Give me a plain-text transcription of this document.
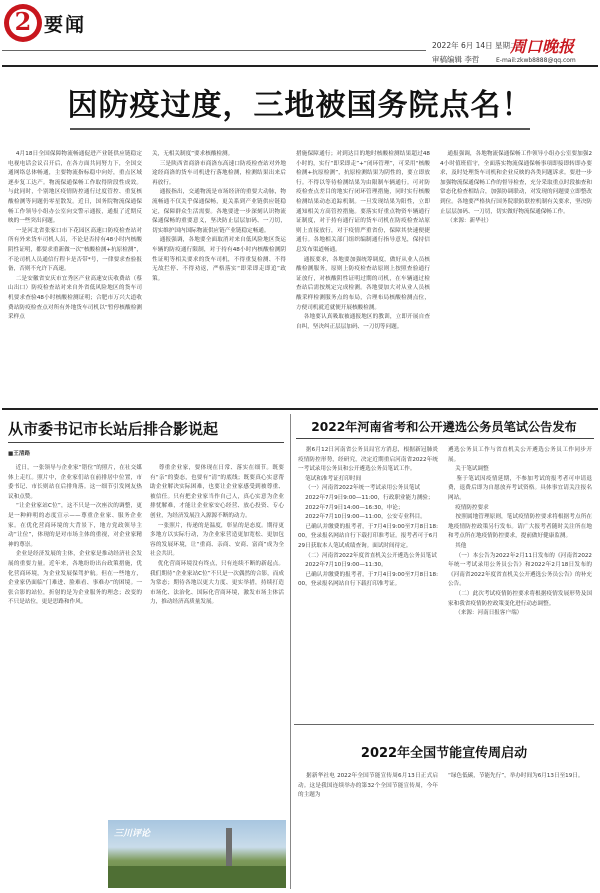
2 要闻
2022年 6月 14日 星期二
周口晚报
审稿编辑 李哲	E-mail:zkwb8888@qq.com
因防疫过度，三地被国务院点名！
4月18日全国保障物流畅通促进产业链供应链稳定电视电话会议召开后，在各方面共同努力下，全国交通网络总体畅通，主要物流指标稳中向好，重点区域逐步复工达产。物流保通保畅工作取得阶段性成效。与此同时，个别地区疫情防控通行过度管控、重复核酸检测等问题仍零星散发。近日，国务院物流保通保畅工作领导小组办公室向交警示通报，通报了近期反映的一些突出问题。
一是河北省张家口市下花园区高速口防疫检查站对所有外来货车司机人员，不论是否持有48小时内核酸阴性证明，都要求重新做一次“核酸检测+抗原检测”，不论司机人员通信行程卡是否带*号，一律要求查验报备，否则不允许下高速。
二是安徽省安庆市宜秀区产业高速安庆收费站（蔡山出口）防疫检查站对来自外省低风险地区的货车司机要求查验48小时核酸检测证明；合肥市万兴大道收费站防疫检查点对所有外地货车司机以“暂停核酸检测采样点
关，无相关制度”要求核酸检测。
三是陕西省商洛市商洛东高速口防疫检查站对外地途经商洛的货车司机进行落地检测，检测结果出来后再放行。
通报指出，交通物流是市场经济的重要大动脉，物流畅通不仅关乎保通保畅，更关系到产业链供应链稳定，保障群众生活需要。各地要进一步深刻认识物流保通保畅的重要意义，坚决防止层层加码、一刀切，切实维护国内国际物流供应链产业链稳定畅通。
通报强调，各地要全面取消对来自低风险地区货运车辆的防疫通行限制，对于持有48小时内核酸检测阴性证明等相关要求的货车司机，不得重复检测、不得无故拦停、不得劝返，严格落实“即采即走即追”政策。
措施保障通行；对到达目的地时核酸检测结果超过48小时的，实行“即采即走”+“闭环管理”，可采用“核酸检测+抗原检测”，抗原检测结果为阴性的，要立即放行。不得以等待检测结果为由限制车辆通行。可对防疫检查点差目的地实行闭环管理措施，同时实行核酸检测结果动态追踪机制。一旦发现结果为阳性，立即通知相关方高管控措施。要落实好重点物资车辆通行证制度，对于持有通行证的货车司机在防疫检查站原则上直接放行，对于疫情严重省份，保障其快速便捷通行。各地相关部门组织编制通行指导意见，保持信息发布渠道畅通。
通报要求，各地要加强统筹调度，做好从业人员核酸检测服务，原则上防疫检查站原则上按照查验通行证放行，对核酸阴性证明过期的司机，在车辆通过检查站后需按规定完成检测。各地要加大对从业人员核酸采样检测服务点的布局，合理布局核酸检测点位，方便司机就近就便开展核酸检测。
各地要认真吸取被通报地区的教训，立即开展自查自纠，坚决纠正层层加码、一刀切等问题。
通报强调，各地物流保通保畅工作领导小组办公室要加强24小时值班值守，全面落实物流保通保畅事项即接即转即办要求，及时处理货车司机和企业反映的各类问题诉求。要进一步加强物流保通保畅工作的督导检查，充分采取重点时段抽查和常态化检查相结合，加强协调联动，对发现的问题要立即整改到位。各地要严格执行国务院联防联控机制有关要求，坚决防止层层加码、一刀切，切实做好物流保通保畅工作。
（来源：新华社）
从市委书记市长站后排合影说起
■王清路
近日，一张领导与企业家“错位”的照片，在社交媒体上走红。照片中，企业家们站在前排居中位置，市委书记、市长则站在后排角落。这一细节引发网友热议和点赞。
“让企业家站C位”，这不只是一次座次的调整，更是一种鲜明的态度宣示——尊重企业家、服务企业家。在优化营商环境的大背景下，地方党政领导主动“让位”，体现的是对市场主体的重视，对企业家精神的尊崇。
企业是经济发展的主体，企业家是推动经济社会发展的重要力量。近年来，各地纷纷出台政策措施，优化营商环境，为企业发展保驾护航。但在一些地方，企业家仍面临“门难进、脸难看、事难办”的困境。一张合影的站位，折射的是为企业服务的理念；改变的不只是站位，更是思路和作风。
尊重企业家，要体现在日常、落实在细节。既要有“亲”的姿态，也要有“清”的底线；既要真心实意帮助企业解决实际困难，也要让企业家感受到被尊重、被信任。只有把企业家当作自己人，真心实意为企业排忧解难，才能让企业家安心经营、放心投资、专心创业，为经济发展注入源源不断的动力。
一张照片，传递的是温度，彰显的是态度。期待更多地方以实际行动，为企业家营造更加宽松、更加包容的发展环境，让“重商、亲商、安商、富商”成为全社会共识。
优化营商环境没有终点，只有连续不断的新起点。我们期待“企业家站C位”不只是一次偶然的合影，而成为常态；期待各地以更大力度、更实举措，持续打造市场化、法治化、国际化营商环境，激发市场主体活力，推动经济高质量发展。
三川评论
2022年河南省考和公开遴选公务员笔试公告发布
据6月12日河南省公务员局官方消息，根据新冠肺炎疫情防控形势，经研究，决定近期重启河南省2022年统一考试录用公务员和公开遴选公务员笔试工作。
笔试和准考证打印时间
（一）河南省2022年统一考试录用公务员笔试
2022年7月9日9:00—11:00，行政职业能力测验；
2022年7月9日14:00—16:30，申论；
2022年7月10日9:00—11:00，公安专业科目。
已确认并缴费的报考者，于7月4日9:00至7月8日18:00，登录报名网站自行下载打印准考证。报考者可于6月29日获取本人笔试成绩查询。面试时间待定。
（二）河南省2022年度省直机关公开遴选公务员笔试
2022年7月10日9:00—11:30。
已确认并缴费的报考者，于7月4日9:00至7月8日18:00，登录报名网站自行下载打印准考证。
遴选公务员工作与省直机关公开遴选公务员工作同步开展。
关于笔试调整
鉴于笔试因疫情延期，不参加考试的报考者可申请退费，退费后即为自愿放弃考试资格。具体事宜请关注报名网站。
疫情防控要求
按照属地管理原则，笔试疫情防控要求将根据考点所在地疫情防控政策另行发布。请广大报考者随时关注所在地和考点所在地疫情防控要求，提前做好健康监测。
其他
（一）本公告为2022年2月11日发布的《河南省2022年统一考试录用公务员公告》和2022年2月18日发布的《河南省2022年度省直机关公开遴选公务员公告》的补充公告。
（二）此次考试疫情防控要求将根据疫情发展形势及国家和我省疫情防控政策变化进行动态调整。
（来源：河南日报客户端）
2022年全国节能宣传周启动
据新华社电 2022年全国节能宣传周6月13日正式启动。这是我国连续举办的第32个全国节能宣传周，今年的主题为
“绿色低碳，节能先行”，举办时间为6月13日至19日。
